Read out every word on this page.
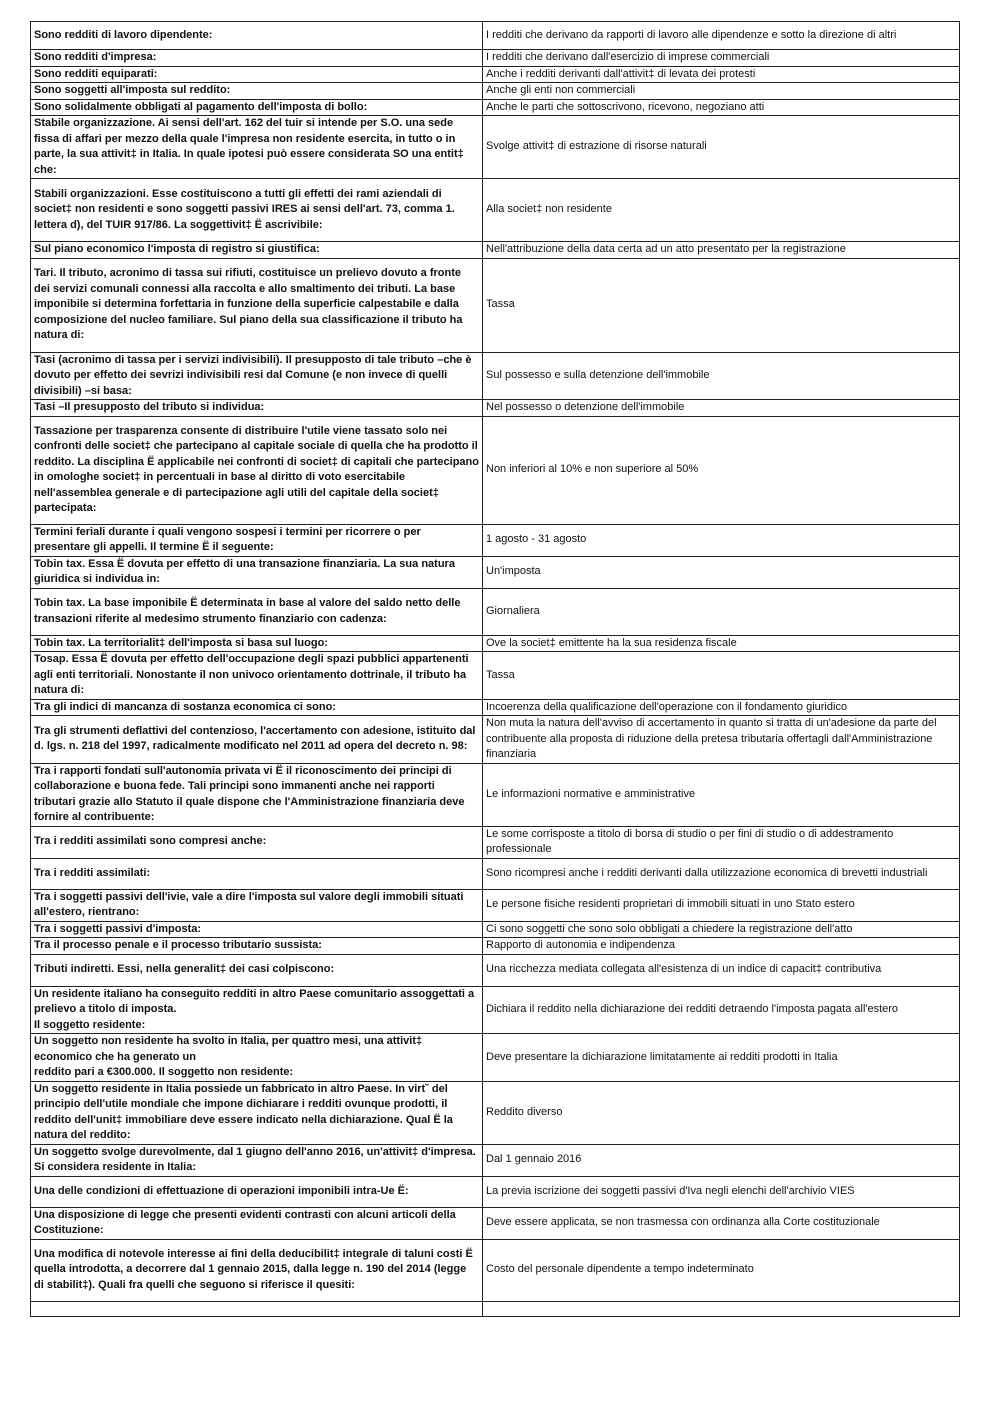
Sono redditi di lavoro dipendente:	I redditi che derivano da rapporti di lavoro alle dipendenze e sotto la direzione di altri
Sono redditi d'impresa:	I redditi che derivano dall'esercizio di imprese commerciali
Sono redditi equiparati:	Anche i redditi derivanti dall'attivit‡ di levata dei protesti
Sono soggetti all'imposta sul reddito:	Anche gli enti non commerciali
Sono solidalmente obbligati al pagamento dell'imposta di bollo:	Anche le parti che sottoscrivono, ricevono, negoziano atti
Stabile organizzazione. Ai sensi dell'art. 162 del tuir si intende per S.O. una sede fissa di affari per mezzo della quale l'impresa non residente esercita, in tutto o in parte, la sua attivit‡ in Italia. In quale ipotesi può essere considerata SO una entit‡ che:	Svolge attivit‡ di estrazione di risorse naturali
Stabili organizzazioni. Esse costituiscono a tutti gli effetti dei rami aziendali di societ‡ non residenti e sono soggetti passivi IRES ai sensi dell'art. 73, comma 1. lettera d), del TUIR 917/86. La soggettivit‡ Ë ascrivibile:	Alla societ‡ non residente
Sul piano economico l'imposta di registro si giustifica:	Nell'attribuzione della data certa ad un atto presentato per la registrazione
Tari. Il tributo, acronimo di tassa sui rifiuti, costituisce un prelievo dovuto a fronte dei servizi comunali connessi alla raccolta e allo smaltimento dei tributi. La base imponibile si determina forfettaria in funzione della superficie calpestabile e dalla composizione del nucleo familiare. Sul piano della sua classificazione il tributo ha natura di:	Tassa
Tasi (acronimo di tassa per i servizi indivisibili). Il presupposto di tale tributo –che è dovuto per effetto dei sevrizi indivisibili resi dal Comune (e non invece di quelli divisibili) –si basa:	Sul possesso e sulla detenzione dell'immobile
Tasi –Il presupposto del tributo si individua:	Nel possesso o detenzione dell'immobile
Tassazione per trasparenza consente di distribuire l'utile viene tassato solo nei confronti delle societ‡ che partecipano al capitale sociale di quella che ha prodotto il reddito. La disciplina Ë applicabile nei confronti di societ‡ di capitali che partecipano in omologhe societ‡ in percentuali in base al diritto di voto esercitabile nell'assemblea generale e di partecipazione agli utili del capitale della societ‡ partecipata:	Non inferiori al 10% e non superiore al 50%
Termini feriali durante i quali vengono sospesi i termini per ricorrere o per presentare gli appelli. Il termine Ë il seguente:	1 agosto - 31 agosto
Tobin tax. Essa Ë dovuta per effetto di una transazione finanziaria. La sua natura giuridica si individua in:	Un'imposta
Tobin tax. La base imponibile Ë determinata in base al valore del saldo netto delle transazioni riferite al medesimo strumento finanziario con cadenza:	Giornaliera
Tobin tax. La territorialit‡ dell'imposta si basa sul luogo:	Ove la societ‡ emittente ha la sua residenza fiscale
Tosap. Essa Ë dovuta per effetto dell'occupazione degli spazi pubblici appartenenti agli enti territoriali. Nonostante il non univoco orientamento dottrinale, il tributo ha natura di:	Tassa
Tra gli indici di mancanza di sostanza economica ci sono:	Incoerenza della qualificazione dell'operazione con il fondamento giuridico
Tra gli strumenti deflattivi del contenzioso, l'accertamento con adesione, istituito dal d. lgs. n. 218 del 1997, radicalmente modificato nel 2011 ad opera del decreto n. 98:	Non muta la natura dell'avviso di accertamento in quanto si tratta di un'adesione da parte del contribuente alla proposta di riduzione della pretesa tributaria offertagli dall'Amministrazione finanziaria
Tra i rapporti fondati sull'autonomia privata vi Ë il riconoscimento dei principi di collaborazione e buona fede. Tali principi sono immanenti anche nei rapporti tributari grazie allo Statuto il quale dispone che l'Amministrazione finanziaria deve fornire al contribuente:	Le informazioni normative e amministrative
Tra i redditi assimilati sono compresi anche:	Le some corrisposte a titolo di borsa di studio o per fini di studio o di addestramento professionale
Tra i redditi assimilati:	Sono ricompresi anche i redditi derivanti dalla utilizzazione economica di brevetti industriali
Tra i soggetti passivi dell'ivie, vale a dire l'imposta sul valore degli immobili situati all'estero, rientrano:	Le persone fisiche residenti proprietari di immobili situati in uno Stato estero
Tra i soggetti passivi d'imposta:	Ci sono soggetti che sono solo obbligati a chiedere la registrazione dell'atto
Tra il processo penale e il processo tributario sussista:	Rapporto di autonomia e indipendenza
Tributi indiretti. Essi, nella generalit‡ dei casi colpiscono:	Una ricchezza mediata collegata all'esistenza di un indice di capacit‡ contributiva
Un residente italiano ha conseguito redditi in altro Paese comunitario assoggettati a prelievo a titolo di imposta.
Il soggetto residente:	Dichiara il reddito nella dichiarazione dei redditi detraendo l'imposta pagata all'estero
Un soggetto non residente ha svolto in Italia, per quattro mesi, una attivit‡ economico che ha generato un
reddito pari a €300.000. Il soggetto non residente:	Deve presentare la dichiarazione limitatamente ai redditi prodotti in Italia
Un soggetto residente in Italia possiede un fabbricato in altro Paese. In virt˘ del principio dell'utile mondiale che impone dichiarare i redditi ovunque prodotti, il reddito dell'unit‡ immobiliare deve essere indicato nella dichiarazione. Qual Ë la natura del reddito:	Reddito diverso
Un soggetto svolge durevolmente, dal 1 giugno dell'anno 2016, un'attivit‡ d'impresa. Si considera residente in Italia:	Dal 1 gennaio 2016
Una delle condizioni di effettuazione di operazioni imponibili intra-Ue Ë:	La previa iscrizione dei soggetti passivi d'Iva negli elenchi dell'archivio VIES
Una disposizione di legge che presenti evidenti contrasti con alcuni articoli della Costituzione:	Deve essere applicata, se non trasmessa con ordinanza alla Corte costituzionale
Una modifica di notevole interesse ai fini della deducibilit‡ integrale di taluni costi Ë quella introdotta, a decorrere dal 1 gennaio 2015, dalla legge n. 190 del 2014 (legge di stabilit‡). Quali fra quelli che seguono si riferisce il quesiti:	Costo del personale dipendente a tempo indeterminato
